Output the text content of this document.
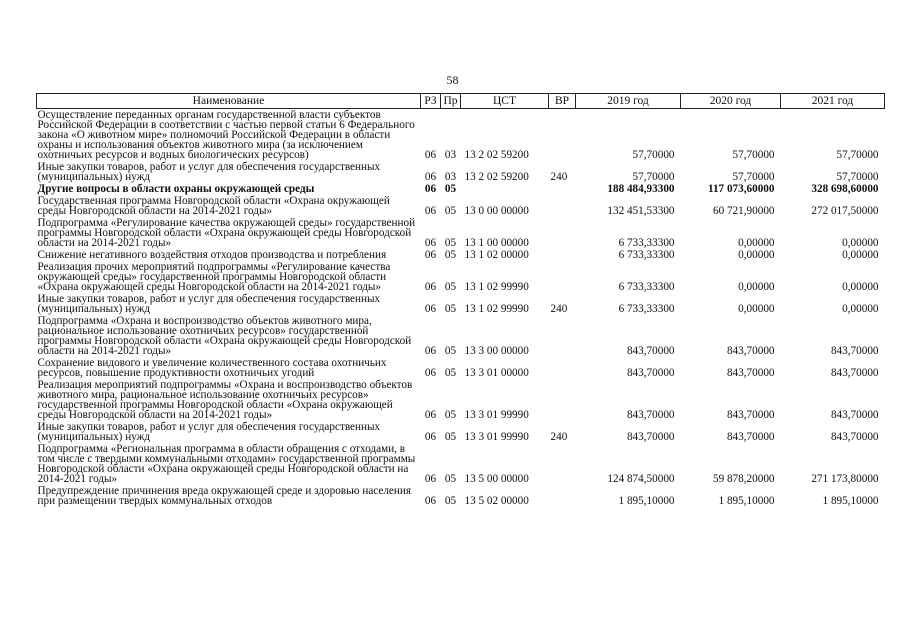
58
Наименование	РЗ	Пр	ЦСТ	ВР	2019 год	2020 год	2021 год
Осуществление переданных органам государственной власти субъектов Российской Федерации в соответствии с частью первой статьи 6 Федерального закона «О животном мире» полномочий Российской Федерации в области охраны и использования объектов животного мира (за исключением охотничьих ресурсов и водных биологических ресурсов)	06	03	13 2 02 59200		57,70000	57,70000	57,70000
Иные закупки товаров, работ и услуг для обеспечения государственных (муниципальных) нужд	06	03	13 2 02 59200	240	57,70000	57,70000	57,70000
Другие вопросы в области охраны окружающей среды	06	05			188 484,93300	117 073,60000	328 698,60000
Государственная программа Новгородской области «Охрана окружающей среды Новгородской области на 2014-2021 годы»	06	05	13 0 00 00000		132 451,53300	60 721,90000	272 017,50000
Подпрограмма «Регулирование качества окружающей среды» государственной программы Новгородской области «Охрана окружающей среды Новгородской области на 2014-2021 годы»	06	05	13 1 00 00000		6 733,33300	0,00000	0,00000
Снижение негативного воздействия отходов производства и потребления	06	05	13 1 02 00000		6 733,33300	0,00000	0,00000
Реализация прочих мероприятий подпрограммы «Регулирование качества окружающей среды» государственной программы Новгородской области «Охрана окружающей среды Новгородской области на 2014-2021 годы»	06	05	13 1 02 99990		6 733,33300	0,00000	0,00000
Иные закупки товаров, работ и услуг для обеспечения государственных (муниципальных) нужд	06	05	13 1 02 99990	240	6 733,33300	0,00000	0,00000
Подпрограмма «Охрана и воспроизводство объектов животного мира, рациональное использование охотничьих ресурсов» государственной программы Новгородской области «Охрана окружающей среды Новгородской области на 2014-2021 годы»	06	05	13 3 00 00000		843,70000	843,70000	843,70000
Сохранение видового и увеличение количественного состава охотничьих ресурсов, повышение продуктивности охотничьих угодий	06	05	13 3 01 00000		843,70000	843,70000	843,70000
Реализация мероприятий подпрограммы «Охрана и воспроизводство объектов животного мира, рациональное использование охотничьих ресурсов» государственной программы Новгородской области «Охрана окружающей среды Новгородской области на 2014-2021 годы»	06	05	13 3 01 99990		843,70000	843,70000	843,70000
Иные закупки товаров, работ и услуг для обеспечения государственных (муниципальных) нужд	06	05	13 3 01 99990	240	843,70000	843,70000	843,70000
Подпрограмма «Региональная программа в области обращения с отходами, в том числе с твердыми коммунальными отходами» государственной программы Новгородской области «Охрана окружающей среды Новгородской области на 2014-2021 годы»	06	05	13 5 00 00000		124 874,50000	59 878,20000	271 173,80000
Предупреждение причинения вреда окружающей среде и здоровью населения при размещении твердых коммунальных отходов	06	05	13 5 02 00000		1 895,10000	1 895,10000	1 895,10000
